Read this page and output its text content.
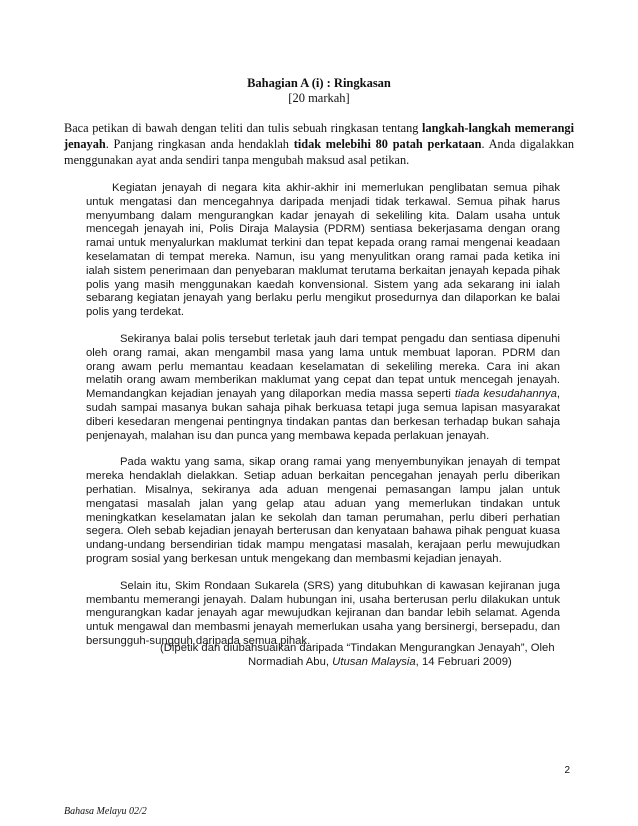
Bahagian A (i) : Ringkasan
[20 markah]
Baca petikan di bawah dengan teliti dan tulis sebuah ringkasan tentang langkah-langkah memerangi jenayah. Panjang ringkasan anda hendaklah tidak melebihi 80 patah perkataan. Anda digalakkan menggunakan ayat anda sendiri tanpa mengubah maksud asal petikan.

Kegiatan jenayah di negara kita akhir-akhir ini memerlukan penglibatan semua pihak untuk mengatasi dan mencegahnya daripada menjadi tidak terkawal. Semua pihak harus menyumbang dalam mengurangkan kadar jenayah di sekeliling kita. Dalam usaha untuk mencegah jenayah ini, Polis Diraja Malaysia (PDRM) sentiasa bekerjasama dengan orang ramai untuk menyalurkan maklumat terkini dan tepat kepada orang ramai mengenai keadaan keselamatan di tempat mereka. Namun, isu yang menyulitkan orang ramai pada ketika ini ialah sistem penerimaan dan penyebaran maklumat terutama berkaitan jenayah kepada pihak polis yang masih menggunakan kaedah konvensional. Sistem yang ada sekarang ini ialah sebarang kegiatan jenayah yang berlaku perlu mengikut prosedurnya dan dilaporkan ke balai polis yang terdekat.

Sekiranya balai polis tersebut terletak jauh dari tempat pengadu dan sentiasa dipenuhi oleh orang ramai, akan mengambil masa yang lama untuk membuat laporan. PDRM dan orang awam perlu memantau keadaan keselamatan di sekeliling mereka. Cara ini akan melatih orang awam memberikan maklumat yang cepat dan tepat untuk mencegah jenayah. Memandangkan kejadian jenayah yang dilaporkan media massa seperti tiada kesudahannya, sudah sampai masanya bukan sahaja pihak berkuasa tetapi juga semua lapisan masyarakat diberi kesedaran mengenai pentingnya tindakan pantas dan berkesan terhadap bukan sahaja penjenayah, malahan isu dan punca yang membawa kepada perlakuan jenayah.

Pada waktu yang sama, sikap orang ramai yang menyembunyikan jenayah di tempat mereka hendaklah dielakkan. Setiap aduan berkaitan pencegahan jenayah perlu diberikan perhatian. Misalnya, sekiranya ada aduan mengenai pemasangan lampu jalan untuk mengatasi masalah jalan yang gelap atau aduan yang memerlukan tindakan untuk meningkatkan keselamatan jalan ke sekolah dan taman perumahan, perlu diberi perhatian segera. Oleh sebab kejadian jenayah berterusan dan kenyataan bahawa pihak penguat kuasa undang-undang bersendirian tidak mampu mengatasi masalah, kerajaan perlu mewujudkan program sosial yang berkesan untuk mengekang dan membasmi kejadian jenayah.

Selain itu, Skim Rondaan Sukarela (SRS) yang ditubuhkan di kawasan kejiranan juga membantu memerangi jenayah. Dalam hubungan ini, usaha berterusan perlu dilakukan untuk mengurangkan kadar jenayah agar mewujudkan kejiranan dan bandar lebih selamat. Agenda untuk mengawal dan membasmi jenayah memerlukan usaha yang bersinergi, bersepadu, dan bersungguh-sungguh daripada semua pihak.

(Dipetik dan diubahsuaikan daripada “Tindakan Mengurangkan Jenayah”, Oleh
Normadiah Abu, Utusan Malaysia, 14 Februari 2009)
2
Bahasa Melayu 02/2
